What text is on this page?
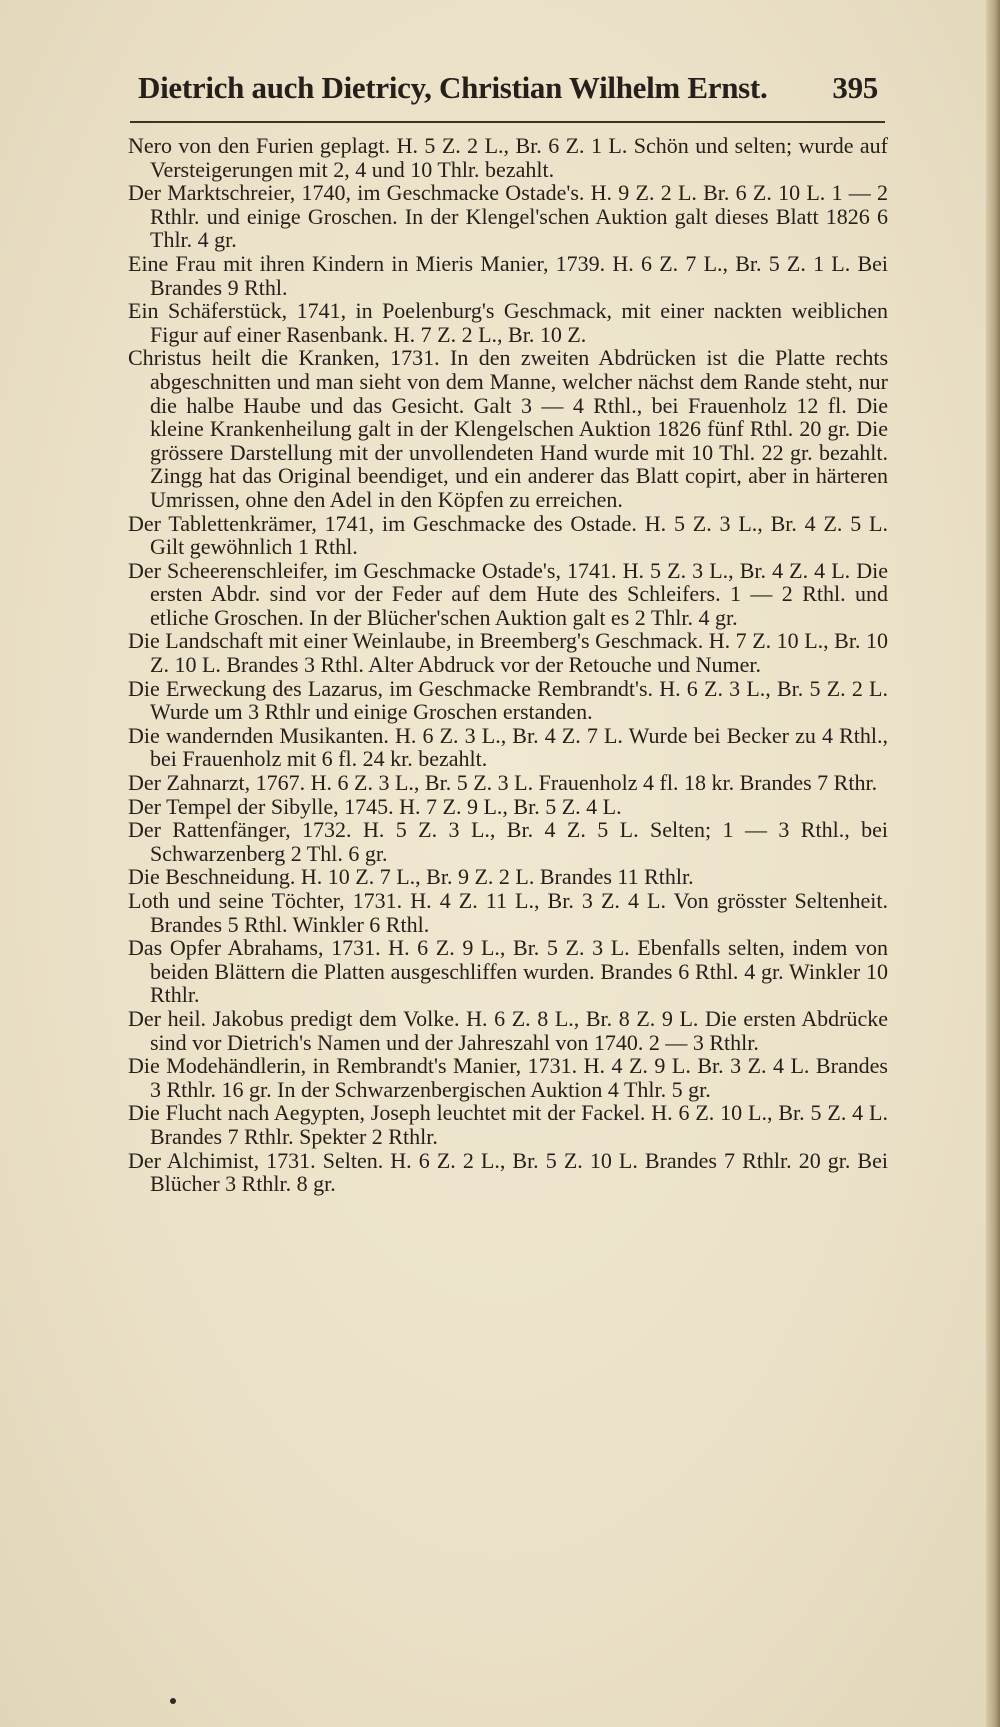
Dietrich auch Dietricy, Christian Wilhelm Ernst. 395

Nero von den Furien geplagt. H. 5 Z. 2 L., Br. 6 Z. 1 L. Schön und selten; wurde auf Versteigerungen mit 2, 4 und 10 Thlr. bezahlt.

Der Marktschreier, 1740, im Geschmacke Ostade's. H. 9 Z. 2 L. Br. 6 Z. 10 L. 1 — 2 Rthlr. und einige Groschen. In der Klengel'schen Auktion galt dieses Blatt 1826 6 Thlr. 4 gr.

Eine Frau mit ihren Kindern in Mieris Manier, 1739. H. 6 Z. 7 L., Br. 5 Z. 1 L. Bei Brandes 9 Rthl.

Ein Schäferstück, 1741, in Poelenburg's Geschmack, mit einer nackten weiblichen Figur auf einer Rasenbank. H. 7 Z. 2 L., Br. 10 Z.

Christus heilt die Kranken, 1731. In den zweiten Abdrücken ist die Platte rechts abgeschnitten und man sieht von dem Manne, welcher nächst dem Rande steht, nur die halbe Haube und das Gesicht. Galt 3 — 4 Rthl., bei Frauenholz 12 fl. Die kleine Krankenheilung galt in der Klengelschen Auktion 1826 fünf Rthl. 20 gr. Die grössere Darstellung mit der unvollendeten Hand wurde mit 10 Thl. 22 gr. bezahlt. Zingg hat das Original beendiget, und ein anderer das Blatt copirt, aber in härteren Umrissen, ohne den Adel in den Köpfen zu erreichen.

Der Tablettenkrämer, 1741, im Geschmacke des Ostade. H. 5 Z. 3 L., Br. 4 Z. 5 L. Gilt gewöhnlich 1 Rthl.

Der Scheerenschleifer, im Geschmacke Ostade's, 1741. H. 5 Z. 3 L., Br. 4 Z. 4 L. Die ersten Abdr. sind vor der Feder auf dem Hute des Schleifers. 1 — 2 Rthl. und etliche Groschen. In der Blücher'schen Auktion galt es 2 Thlr. 4 gr.

Die Landschaft mit einer Weinlaube, in Breemberg's Geschmack. H. 7 Z. 10 L., Br. 10 Z. 10 L. Brandes 3 Rthl. Alter Abdruck vor der Retouche und Numer.

Die Erweckung des Lazarus, im Geschmacke Rembrandt's. H. 6 Z. 3 L., Br. 5 Z. 2 L. Wurde um 3 Rthlr und einige Groschen erstanden.

Die wandernden Musikanten. H. 6 Z. 3 L., Br. 4 Z. 7 L. Wurde bei Becker zu 4 Rthl., bei Frauenholz mit 6 fl. 24 kr. bezahlt.

Der Zahnarzt, 1767. H. 6 Z. 3 L., Br. 5 Z. 3 L. Frauenholz 4 fl. 18 kr. Brandes 7 Rthr.

Der Tempel der Sibylle, 1745. H. 7 Z. 9 L., Br. 5 Z. 4 L.

Der Rattenfänger, 1732. H. 5 Z. 3 L., Br. 4 Z. 5 L. Selten; 1 — 3 Rthl., bei Schwarzenberg 2 Thl. 6 gr.

Die Beschneidung. H. 10 Z. 7 L., Br. 9 Z. 2 L. Brandes 11 Rthlr.

Loth und seine Töchter, 1731. H. 4 Z. 11 L., Br. 3 Z. 4 L. Von grösster Seltenheit. Brandes 5 Rthl. Winkler 6 Rthl.

Das Opfer Abrahams, 1731. H. 6 Z. 9 L., Br. 5 Z. 3 L. Ebenfalls selten, indem von beiden Blättern die Platten ausgeschliffen wurden. Brandes 6 Rthl. 4 gr. Winkler 10 Rthlr.

Der heil. Jakobus predigt dem Volke. H. 6 Z. 8 L., Br. 8 Z. 9 L. Die ersten Abdrücke sind vor Dietrich's Namen und der Jahreszahl von 1740. 2 — 3 Rthlr.

Die Modehändlerin, in Rembrandt's Manier, 1731. H. 4 Z. 9 L. Br. 3 Z. 4 L. Brandes 3 Rthlr. 16 gr. In der Schwarzenbergischen Auktion 4 Thlr. 5 gr.

Die Flucht nach Aegypten, Joseph leuchtet mit der Fackel. H. 6 Z. 10 L., Br. 5 Z. 4 L. Brandes 7 Rthlr. Spekter 2 Rthlr.

Der Alchimist, 1731. Selten. H. 6 Z. 2 L., Br. 5 Z. 10 L. Brandes 7 Rthlr. 20 gr. Bei Blücher 3 Rthlr. 8 gr.
